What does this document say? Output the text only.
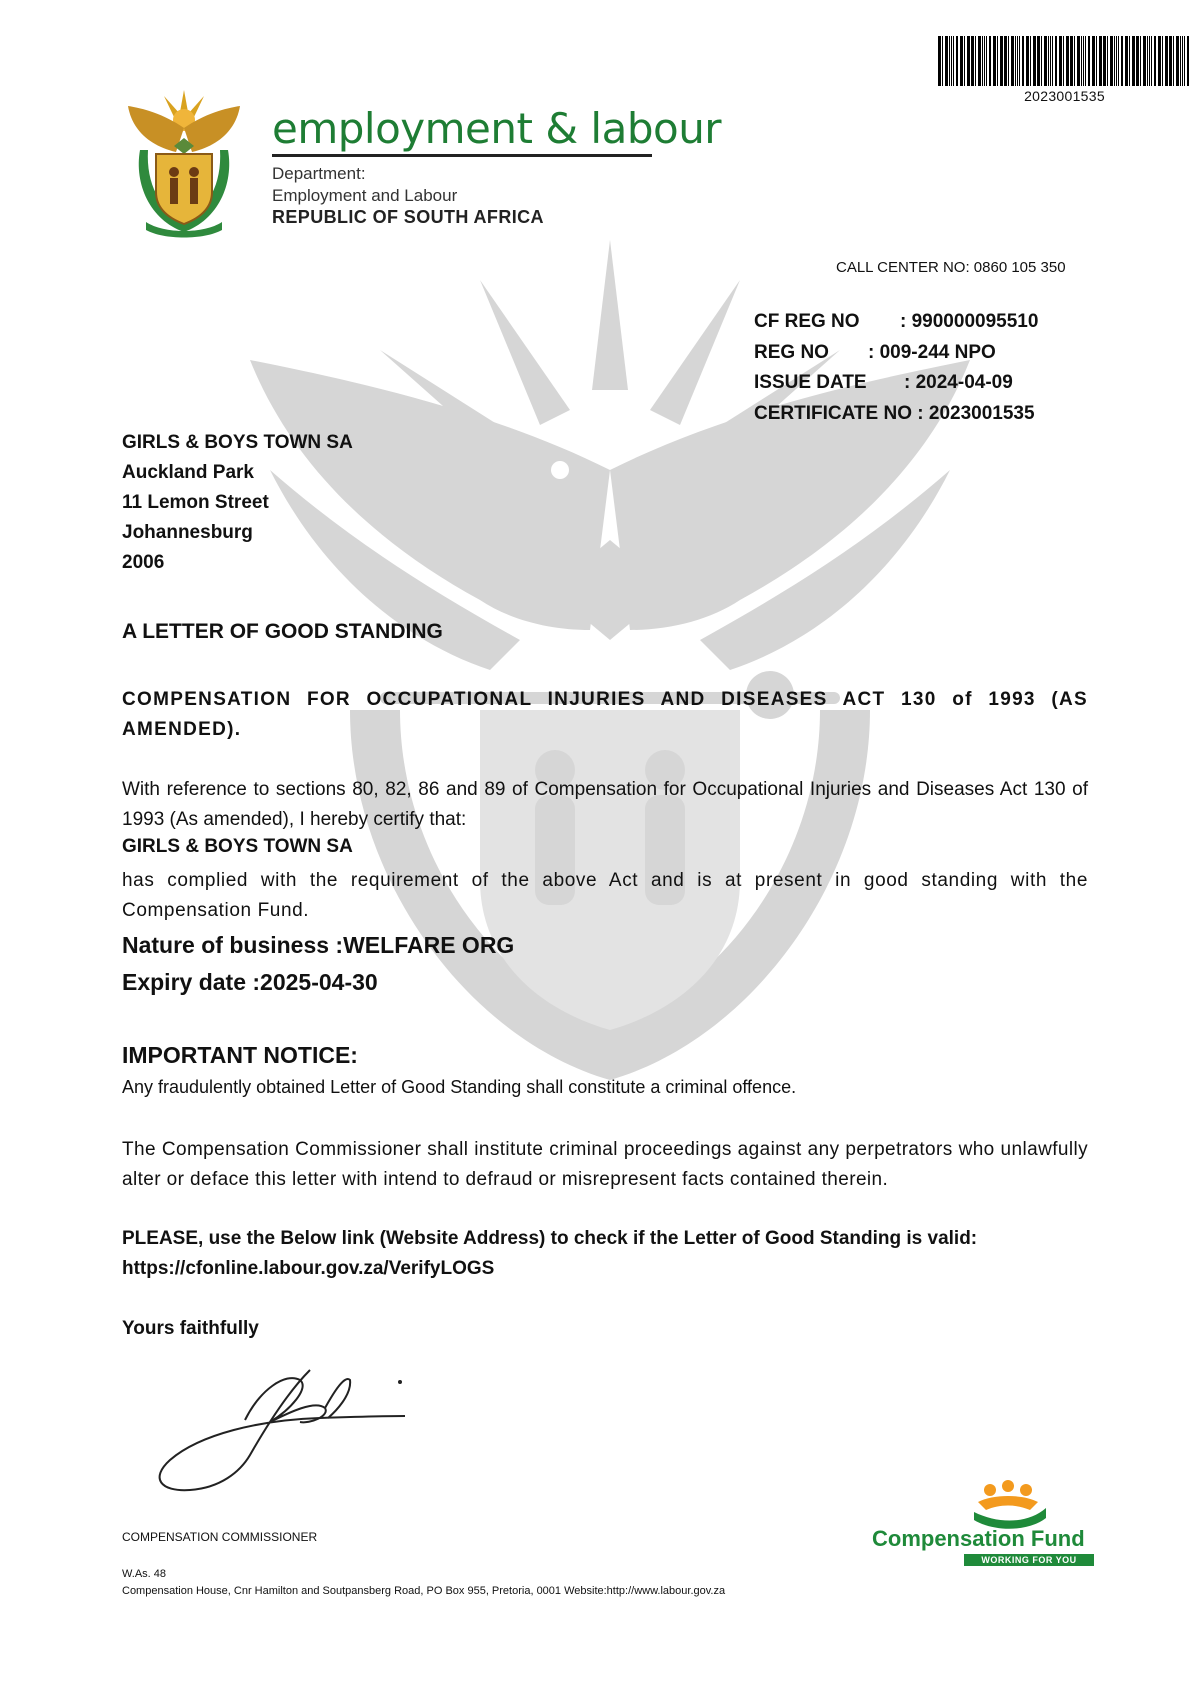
2023001535
employment & labour
Department:
Employment and Labour
REPUBLIC OF SOUTH AFRICA
CALL CENTER NO: 0860 105 350
CF REG NO : 990000095510
REG NO : 009-244 NPO
ISSUE DATE : 2024-04-09
CERTIFICATE NO : 2023001535
GIRLS & BOYS TOWN SA
Auckland Park
11 Lemon Street
Johannesburg
2006
A LETTER OF GOOD STANDING
COMPENSATION FOR OCCUPATIONAL INJURIES AND DISEASES ACT 130 of 1993 (AS AMENDED).
With reference to sections 80, 82, 86 and 89 of Compensation for Occupational Injuries and Diseases Act 130 of 1993 (As amended), I hereby certify that:
GIRLS & BOYS TOWN SA
has complied with the requirement of the above Act and is at present in good standing with the Compensation Fund.
Nature of business :WELFARE ORG
Expiry date :2025-04-30
IMPORTANT NOTICE:
Any fraudulently obtained Letter of Good Standing shall constitute a criminal offence.
The Compensation Commissioner shall institute criminal proceedings against any perpetrators who unlawfully alter or deface this letter with intend to defraud or misrepresent facts contained therein.
PLEASE, use the Below link (Website Address) to check if the Letter of Good Standing is valid:
https://cfonline.labour.gov.za/VerifyLOGS
Yours faithfully
COMPENSATION COMMISSIONER
W.As. 48
Compensation House, Cnr Hamilton and Soutpansberg Road, PO Box 955, Pretoria, 0001 Website:http://www.labour.gov.za
Compensation Fund
WORKING FOR YOU
